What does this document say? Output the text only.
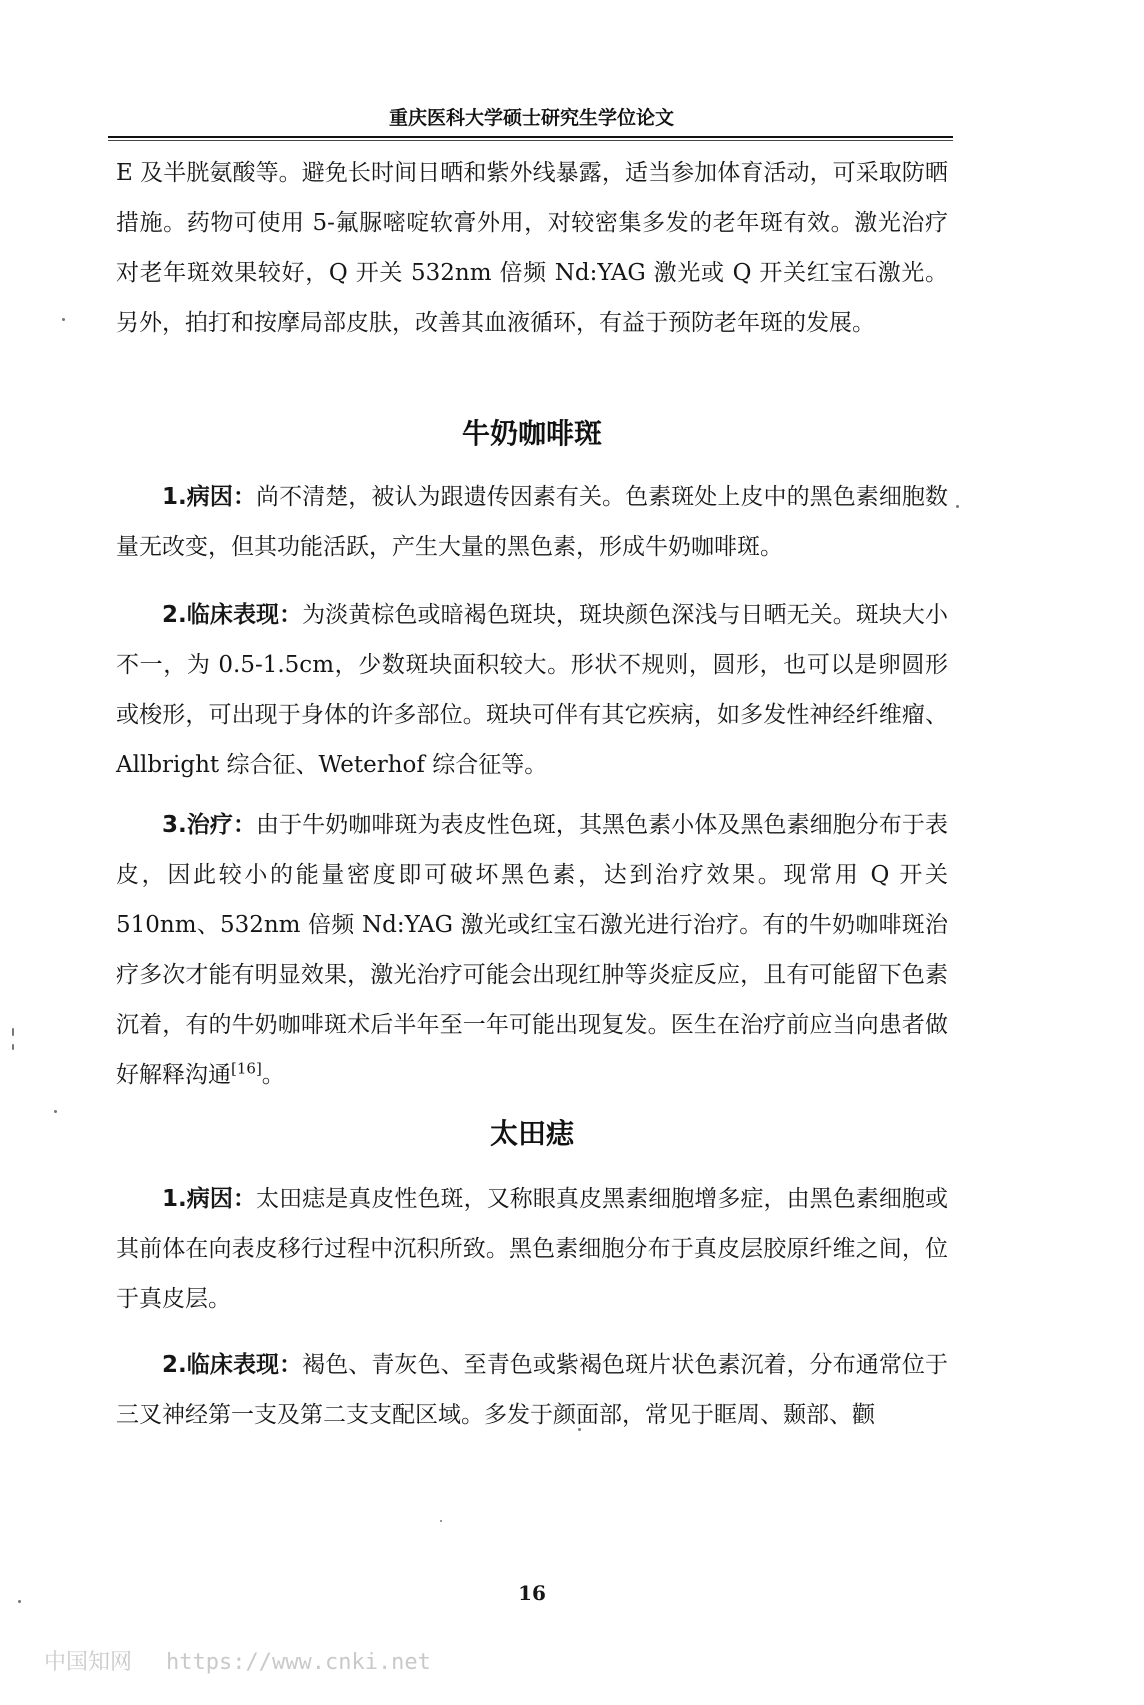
重庆医科大学硕士研究生学位论文

E 及半胱氨酸等。避免长时间日晒和紫外线暴露，适当参加体育活动，可采取防晒措施。药物可使用 5-氟脲嘧啶软膏外用，对较密集多发的老年斑有效。激光治疗对老年斑效果较好，Q 开关 532nm 倍频 Nd:YAG 激光或 Q 开关红宝石激光。另外，拍打和按摩局部皮肤，改善其血液循环，有益于预防老年斑的发展。

牛奶咖啡斑

1.病因：尚不清楚，被认为跟遗传因素有关。色素斑处上皮中的黑色素细胞数量无改变，但其功能活跃，产生大量的黑色素，形成牛奶咖啡斑。

2.临床表现：为淡黄棕色或暗褐色斑块，斑块颜色深浅与日晒无关。斑块大小不一，为 0.5-1.5cm，少数斑块面积较大。形状不规则，圆形，也可以是卵圆形或梭形，可出现于身体的许多部位。斑块可伴有其它疾病，如多发性神经纤维瘤、Allbright 综合征、Weterhof 综合征等。

3.治疗：由于牛奶咖啡斑为表皮性色斑，其黑色素小体及黑色素细胞分布于表皮，因此较小的能量密度即可破坏黑色素，达到治疗效果。现常用 Q 开关 510nm、532nm 倍频 Nd:YAG 激光或红宝石激光进行治疗。有的牛奶咖啡斑治疗多次才能有明显效果，激光治疗可能会出现红肿等炎症反应，且有可能留下色素沉着，有的牛奶咖啡斑术后半年至一年可能出现复发。医生在治疗前应当向患者做好解释沟通[16]。

太田痣

1.病因：太田痣是真皮性色斑，又称眼真皮黑素细胞增多症，由黑色素细胞或其前体在向表皮移行过程中沉积所致。黑色素细胞分布于真皮层胶原纤维之间，位于真皮层。

2.临床表现：褐色、青灰色、至青色或紫褐色斑片状色素沉着，分布通常位于三叉神经第一支及第二支支配区域。多发于颜面部，常见于眶周、颞部、颧

16
中国知网 https://www.cnki.net
